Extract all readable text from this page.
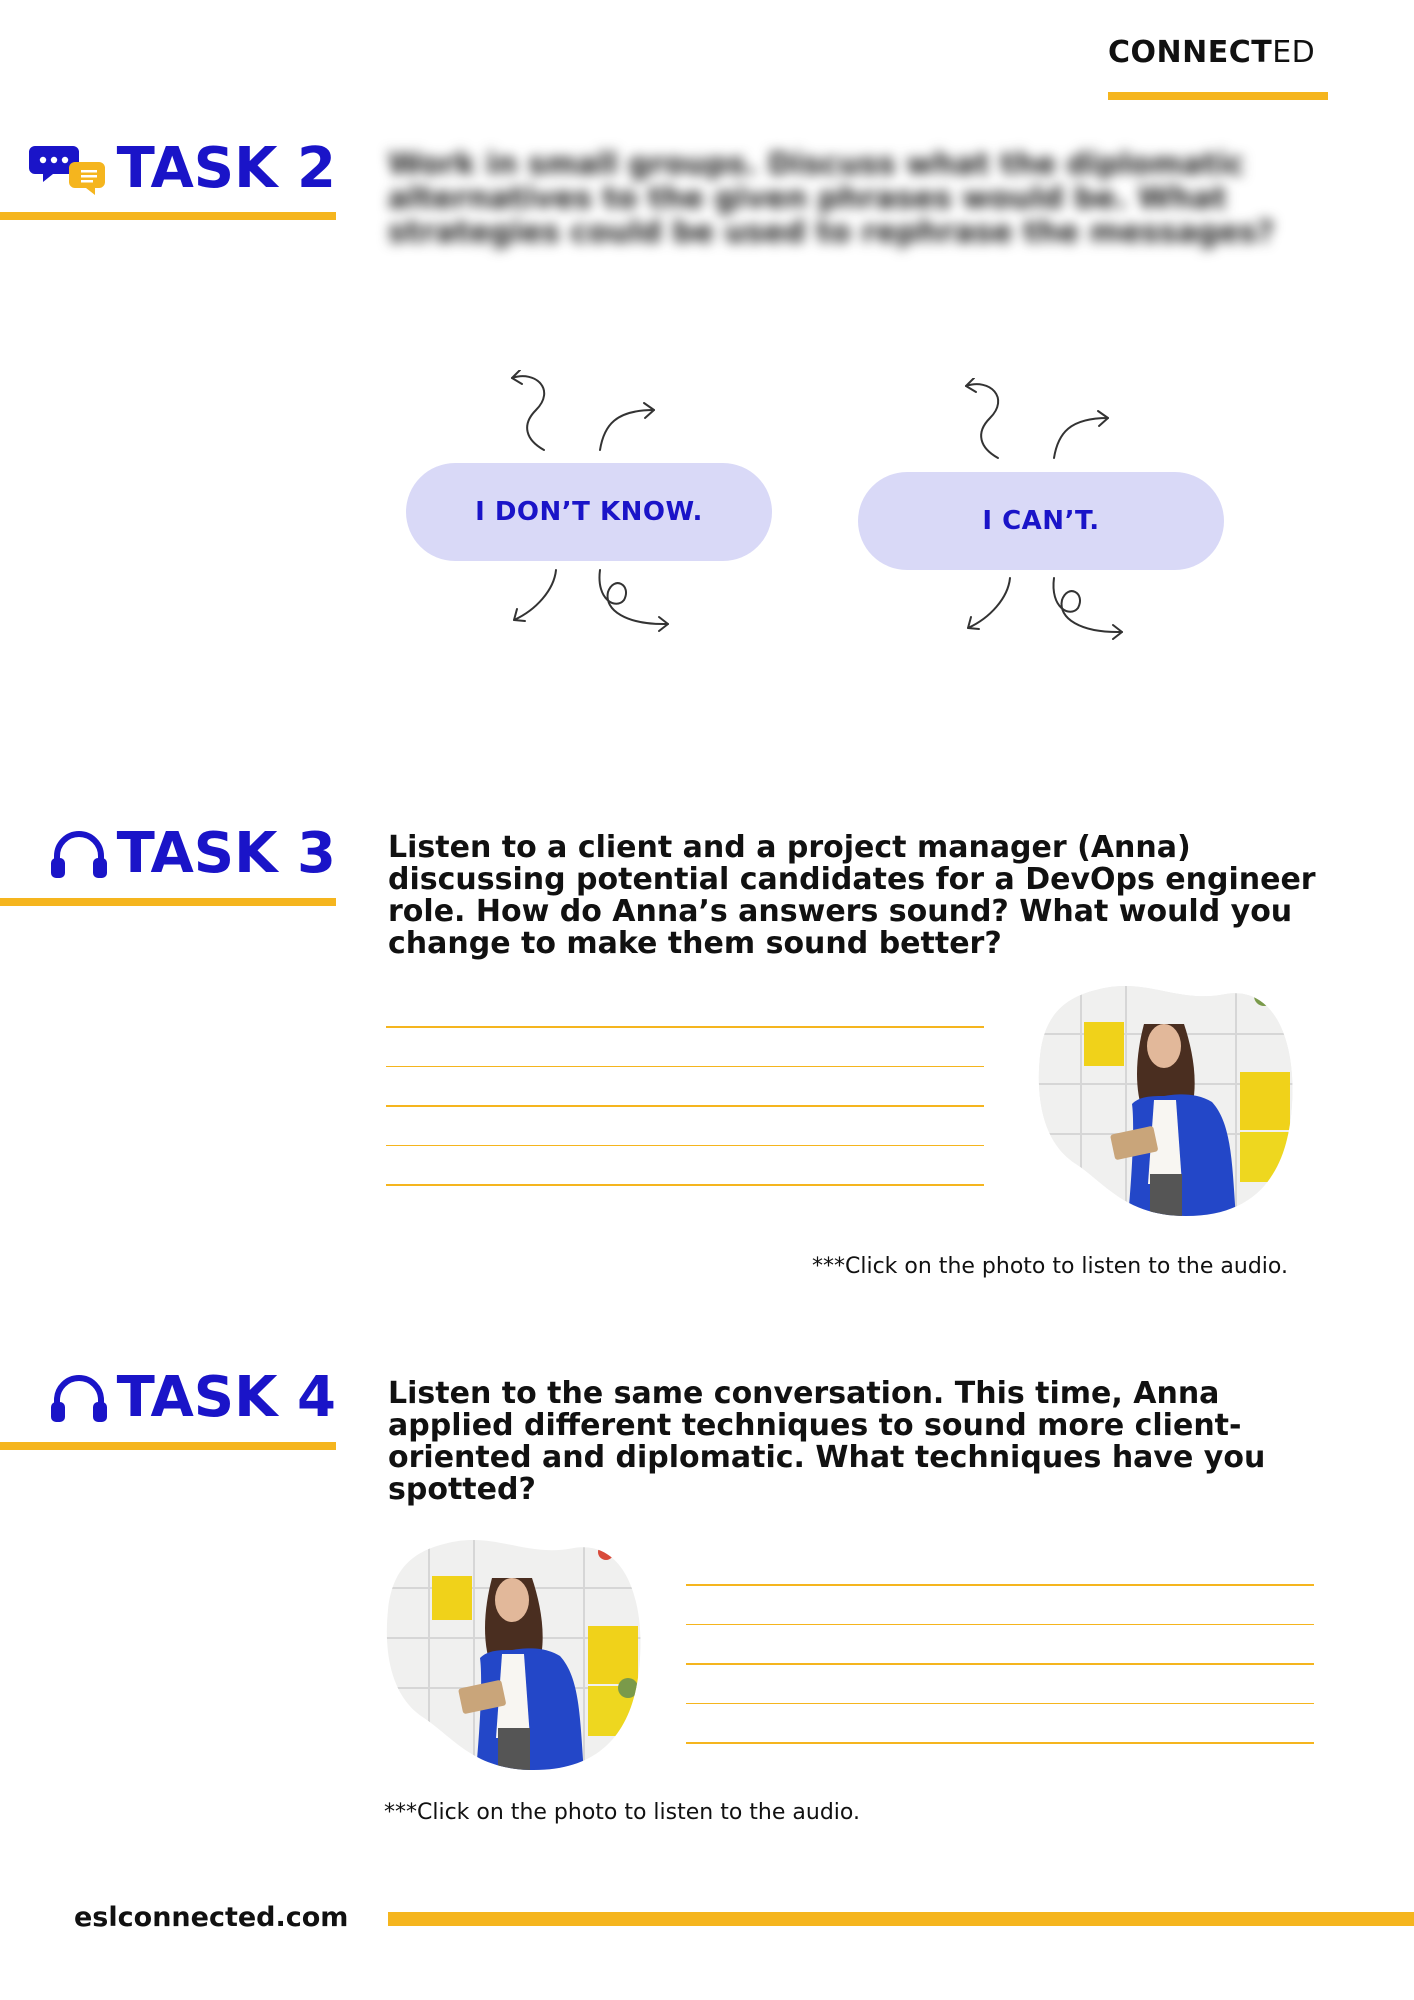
CONNECTED
TASK 2 Work in small groups. Discuss what the diplomatic alternatives to the given phrases would be. What strategies could be used to rephrase the messages?
I DON’T KNOW.	I CAN’T.
TASK 3 Listen to a client and a project manager (Anna) discussing potential candidates for a DevOps engineer role. How do Anna’s answers sound? What would you change to make them sound better?
***Click on the photo to listen to the audio.
TASK 4 Listen to the same conversation. This time, Anna applied different techniques to sound more client-oriented and diplomatic. What techniques have you spotted?
***Click on the photo to listen to the audio.
eslconnected.com
